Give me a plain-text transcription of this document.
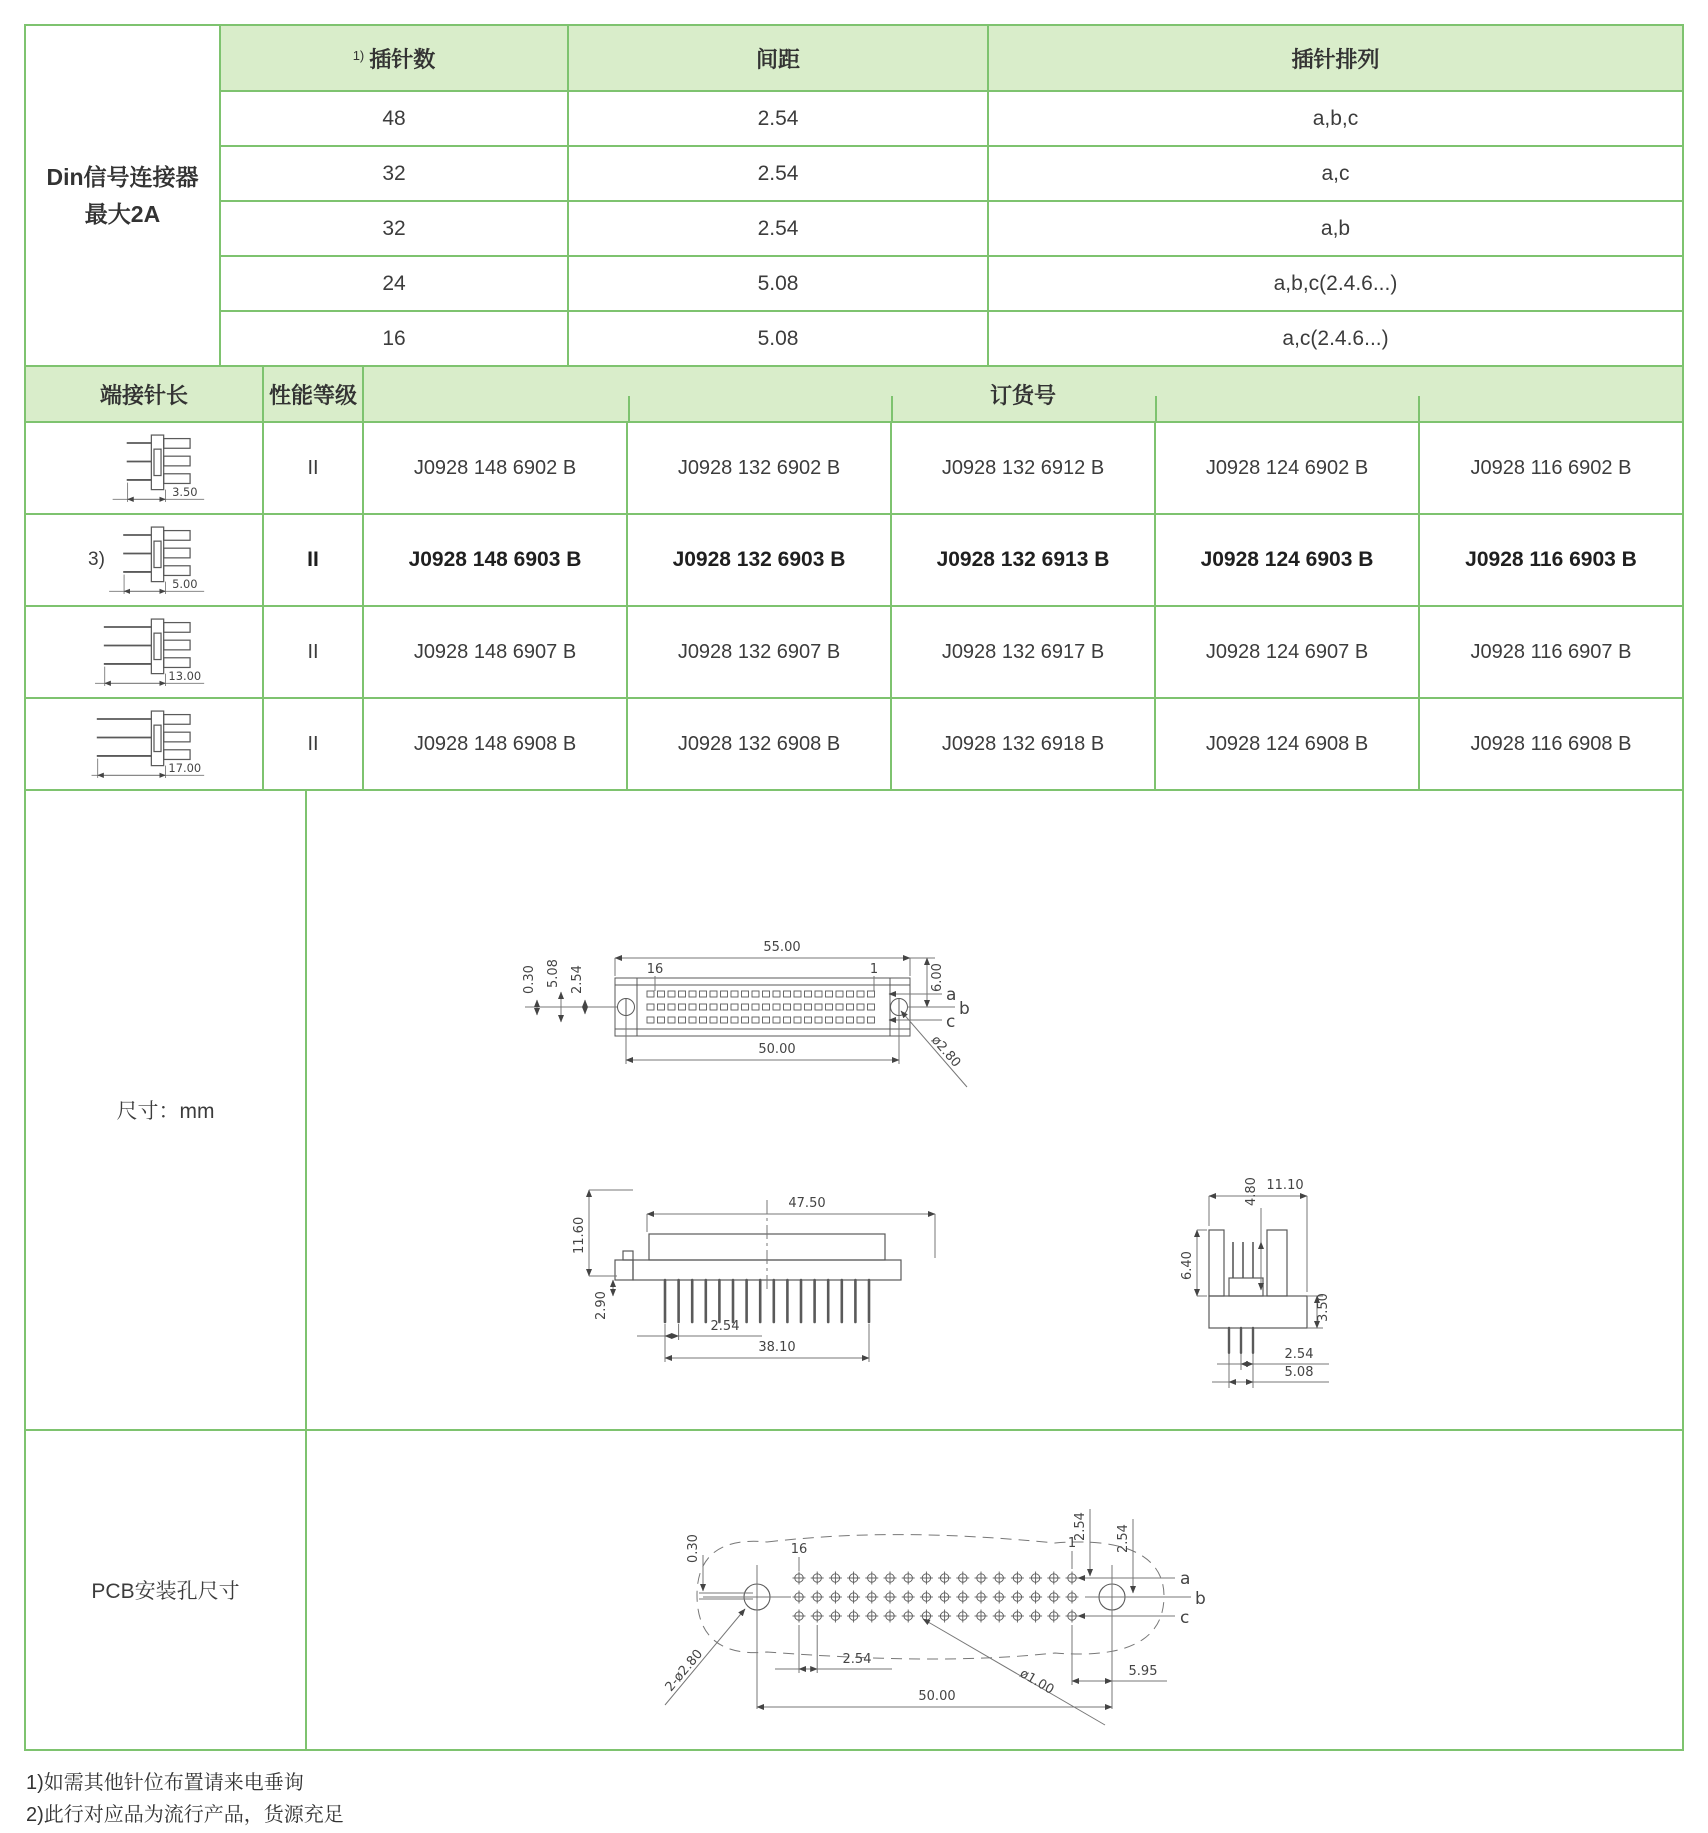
Din信号连接器
最大2A	$^{1)}$ 插针数	间距	插针排列
	48	2.54	a,b,c
	32	2.54	a,c
	32	2.54	a,b
	24	5.08	a,b,c(2.4.6...)
	16	5.08	a,c(2.4.6...)
端接针长	性能等级	订货号				

3.50	II	J0928 148 6902 B	J0928 132 6902 B	J0928 132 6912 B	J0928 124 6902 B	J0928 116 6902 B

3)
5.00	II	J0928 148 6903 B	J0928 132 6903 B	J0928 132 6913 B	J0928 124 6903 B	J0928 116 6903 B

13.00	II	J0928 148 6907 B	J0928 132 6907 B	J0928 132 6917 B	J0928 124 6907 B	J0928 116 6907 B

17.00	II	J0928 148 6908 B	J0928 132 6908 B	J0928 132 6918 B	J0928 124 6908 B	J0928 116 6908 B
尺寸：mm	
16	1
55.00
6.00
a
b
c
50.00	ø2.80
0.30 5.08 2.54
47.50
11.60
2.90
2.54
38.10
11.10
6.40
4.80
3.50
2.54
5.08

PCB安装孔尺寸	
16	1
0.30
2.54 2.54
a
b
c
2-ø2.80	ø1.00
2.54
50.00
5.95
1)如需其他针位布置请来电垂询
2)此行对应品为流行产品，货源充足
